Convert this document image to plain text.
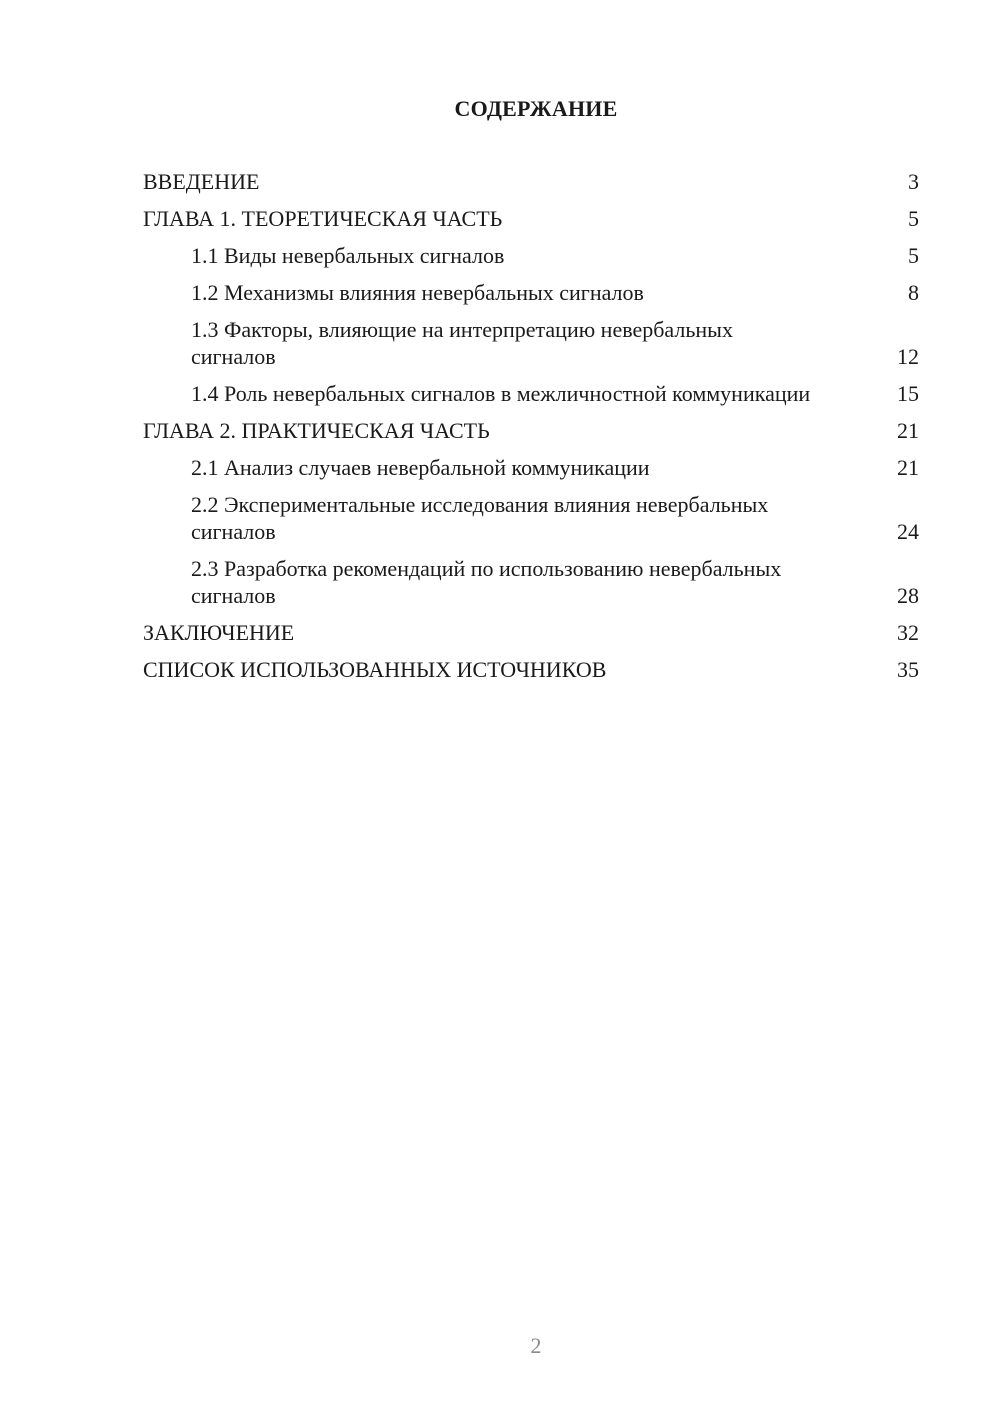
СОДЕРЖАНИЕ
ВВЕДЕНИЕ	3
ГЛАВА 1. ТЕОРЕТИЧЕСКАЯ ЧАСТЬ	5
1.1 Виды невербальных сигналов	5
1.2 Механизмы влияния невербальных сигналов	8
1.3 Факторы, влияющие на интерпретацию невербальных сигналов	12
1.4 Роль невербальных сигналов в межличностной коммуникации	15
ГЛАВА 2. ПРАКТИЧЕСКАЯ ЧАСТЬ	21
2.1 Анализ случаев невербальной коммуникации	21
2.2 Экспериментальные исследования влияния невербальных сигналов	24
2.3 Разработка рекомендаций по использованию невербальных сигналов	28
ЗАКЛЮЧЕНИЕ	32
СПИСОК ИСПОЛЬЗОВАННЫХ ИСТОЧНИКОВ	35
2
